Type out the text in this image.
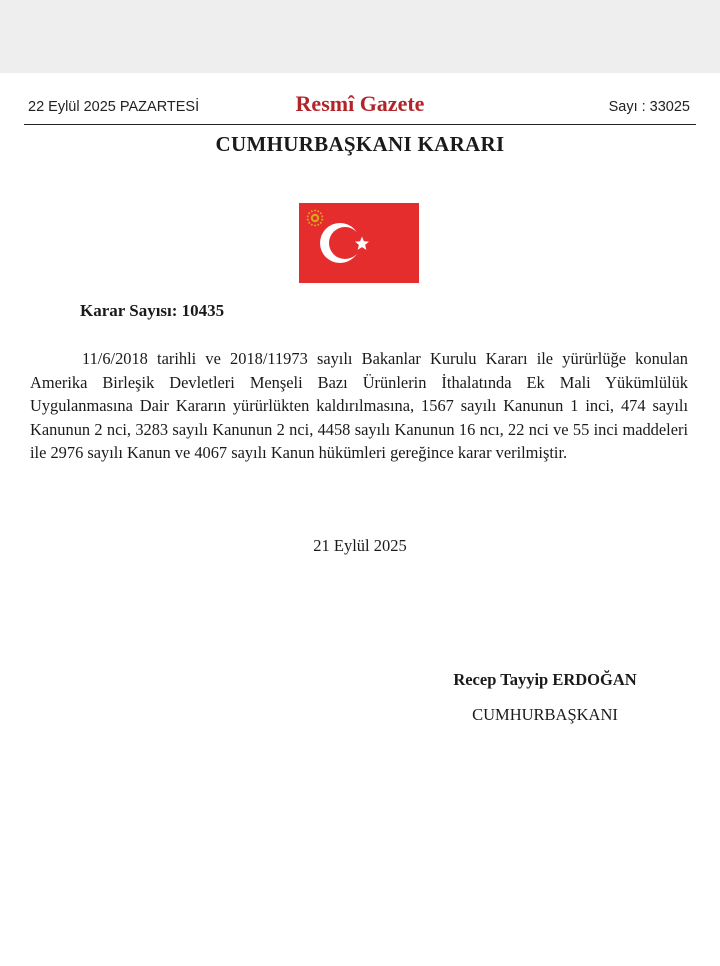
22 Eylül 2025 PAZARTESİ	Resmî Gazete	Sayı : 33025
CUMHURBAŞKANI KARARI
Karar Sayısı: 10435

11/6/2018 tarihli ve 2018/11973 sayılı Bakanlar Kurulu Kararı ile yürürlüğe konulan Amerika Birleşik Devletleri Menşeli Bazı Ürünlerin İthalatında Ek Mali Yükümlülük Uygulanmasına Dair Kararın yürürlükten kaldırılmasına, 1567 sayılı Kanunun 1 inci, 474 sayılı Kanunun 2 nci, 3283 sayılı Kanunun 2 nci, 4458 sayılı Kanunun 16 ncı, 22 nci ve 55 inci maddeleri ile 2976 sayılı Kanun ve 4067 sayılı Kanun hükümleri gereğince karar verilmiştir.

21 Eylül 2025
Recep Tayyip ERDOĞAN
CUMHURBAŞKANI
